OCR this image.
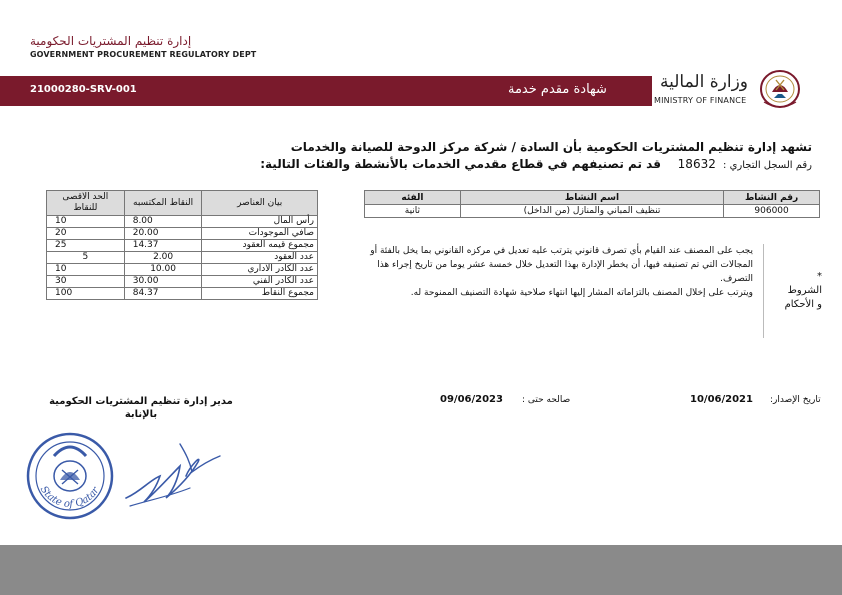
إدارة تنظيم المشتريات الحكومية
GOVERNMENT PROCUREMENT REGULATORY DEPT
21000280-SRV-001	شهادة مقدم خدمة	وزارة المالية
MINISTRY OF FINANCE
تشهد إدارة تنظيم المشتريات الحكومية بأن السادة / شركة مركز الدوحة للصيانة والخدمات
رقم السجل التجاري : 18632    قد تم تصنيفهم في قطاع مقدمي الخدمات بالأنشطة والفئات التالية:
رقم النشاط	اسم النشاط	الفئه
906000	تنظيف المباني والمنازل (من الداخل)	ثانية
بيان العناصر	النقاط المكتسبه	الحد الاقصى للنقاط
رأس المال	8.00	10
صافي الموجودات	20.00	20
مجموع قيمه العقود	14.37	25
عدد العقود	2.00	5
عدد الكادر الاداري	10.00	10
عدد الكادر الفني	30.00	30
مجموع النقاط	84.37	100
* الشروط
و الأحكام

يجب على المصنف عند القيام بأي تصرف قانوني يترتب عليه تعديل في مركزه القانوني بما يخل بالفئة أو المجالات التي تم تصنيفه فيها، أن يخطر الإدارة بهذا التعديل خلال خمسة عشر يوما من تاريخ إجراء هذا التصرف.

ويترتب على إخلال المصنف بالتزاماته المشار إليها انتهاء صلاحية شهادة التصنيف الممنوحة له.

تاريخ الإصدار:
10/06/2021
صالحه حتى :
09/06/2023
مدير إدارة تنظيم المشتريات الحكومية
بالإنابة
State of Qatar
